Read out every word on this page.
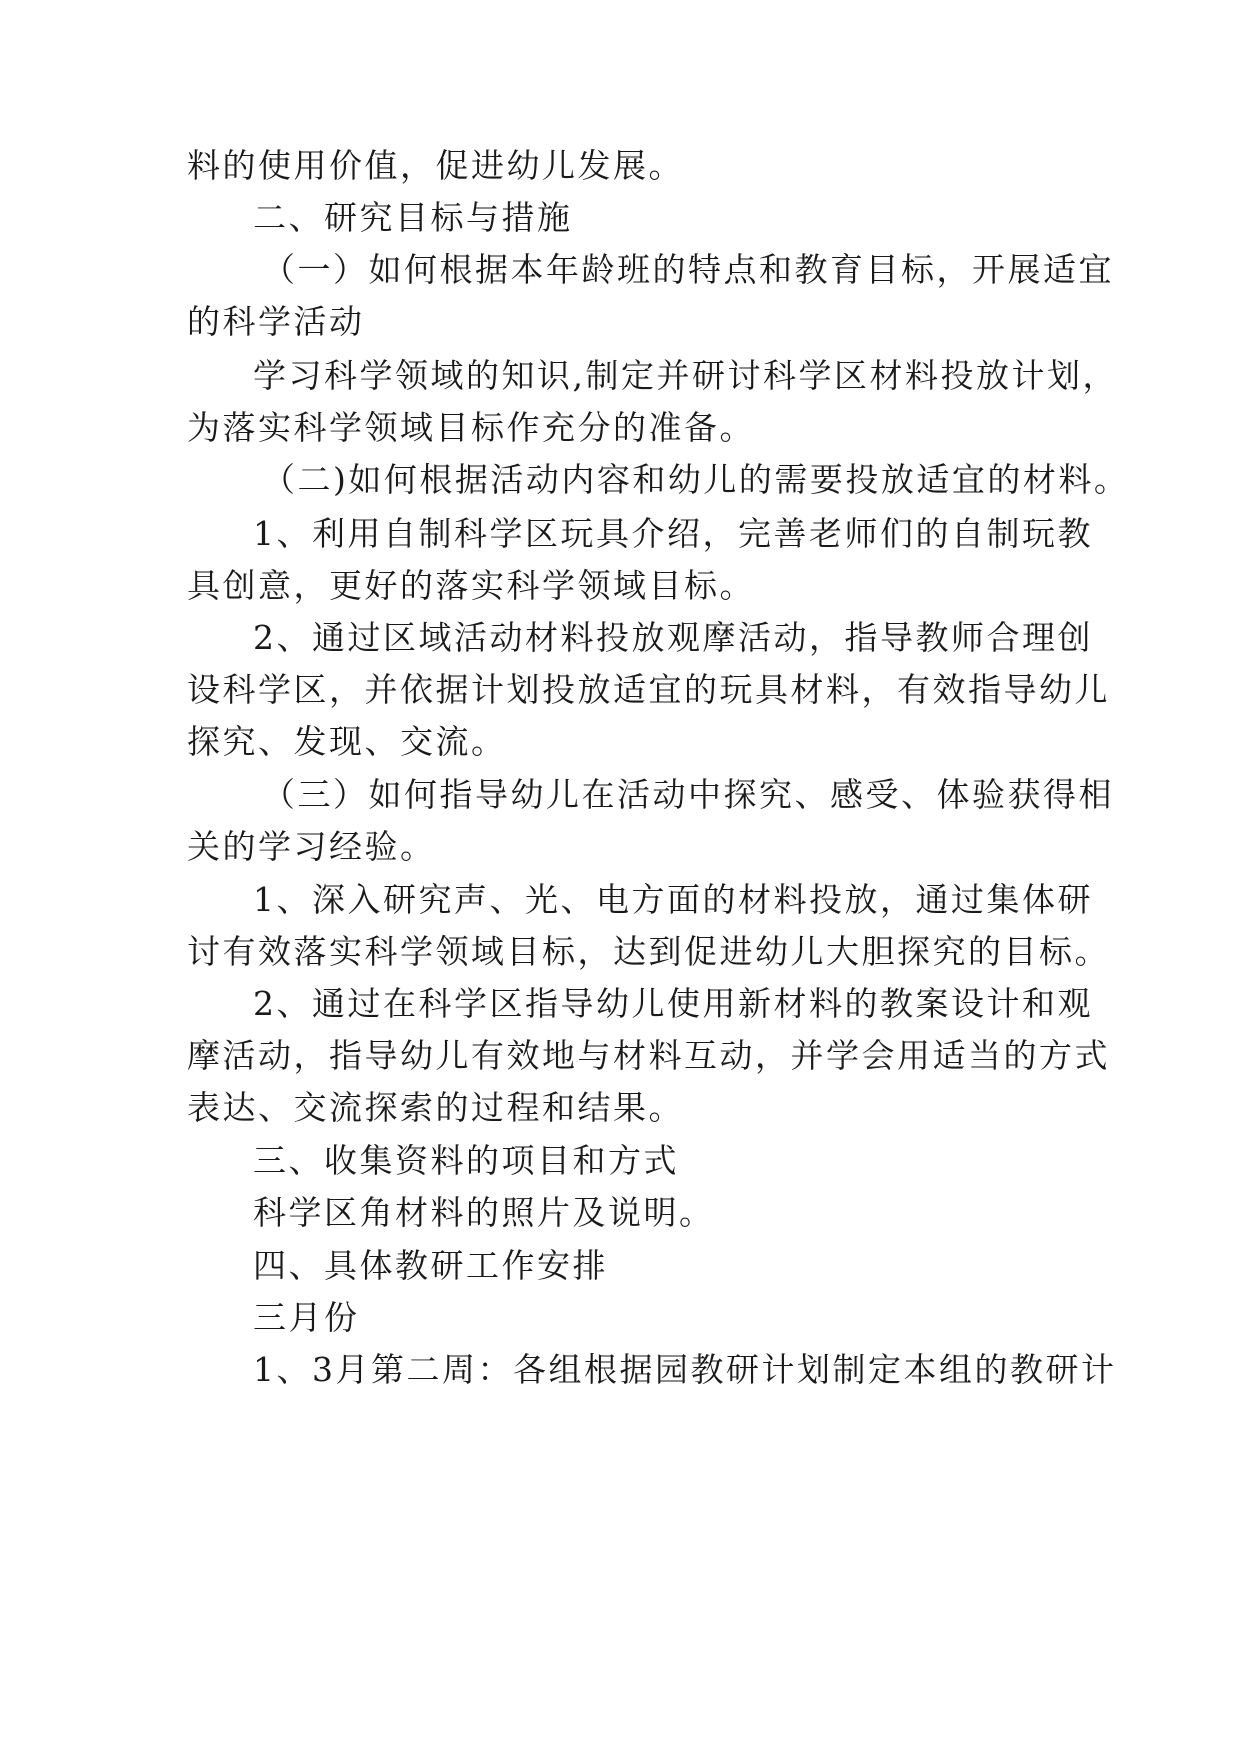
料的使用价值，促进幼儿发展。
二、研究目标与措施
（一）如何根据本年龄班的特点和教育目标，开展适宜
的科学活动
学习科学领域的知识,制定并研讨科学区材料投放计划，
为落实科学领域目标作充分的准备。
（二)如何根据活动内容和幼儿的需要投放适宜的材料。
1、利用自制科学区玩具介绍，完善老师们的自制玩教
具创意，更好的落实科学领域目标。
2、通过区域活动材料投放观摩活动，指导教师合理创
设科学区，并依据计划投放适宜的玩具材料，有效指导幼儿
探究、发现、交流。
（三）如何指导幼儿在活动中探究、感受、体验获得相
关的学习经验。
1、深入研究声、光、电方面的材料投放，通过集体研
讨有效落实科学领域目标，达到促进幼儿大胆探究的目标。
2、通过在科学区指导幼儿使用新材料的教案设计和观
摩活动，指导幼儿有效地与材料互动，并学会用适当的方式
表达、交流探索的过程和结果。
三、收集资料的项目和方式
科学区角材料的照片及说明。
四、具体教研工作安排
三月份
1、3月第二周：各组根据园教研计划制定本组的教研计
